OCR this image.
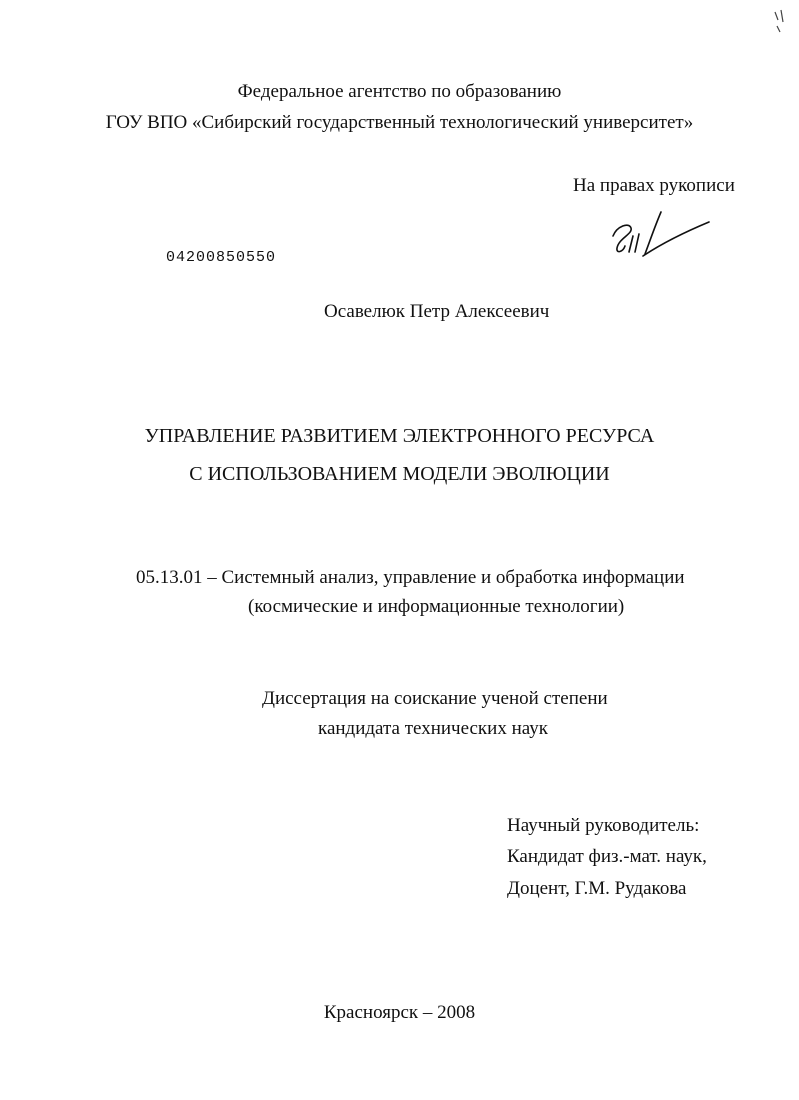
Федеральное агентство по образованию
ГОУ ВПО «Сибирский государственный технологический университет»
На правах рукописи
04200850550
Осавелюк Петр Алексеевич
УПРАВЛЕНИЕ РАЗВИТИЕМ ЭЛЕКТРОННОГО РЕСУРСА
С ИСПОЛЬЗОВАНИЕМ МОДЕЛИ ЭВОЛЮЦИИ
05.13.01 – Системный анализ, управление и обработка информации
(космические и информационные технологии)
Диссертация на соискание ученой степени
кандидата технических наук
Научный руководитель:
Кандидат физ.-мат. наук,
Доцент, Г.М. Рудакова
Красноярск – 2008
